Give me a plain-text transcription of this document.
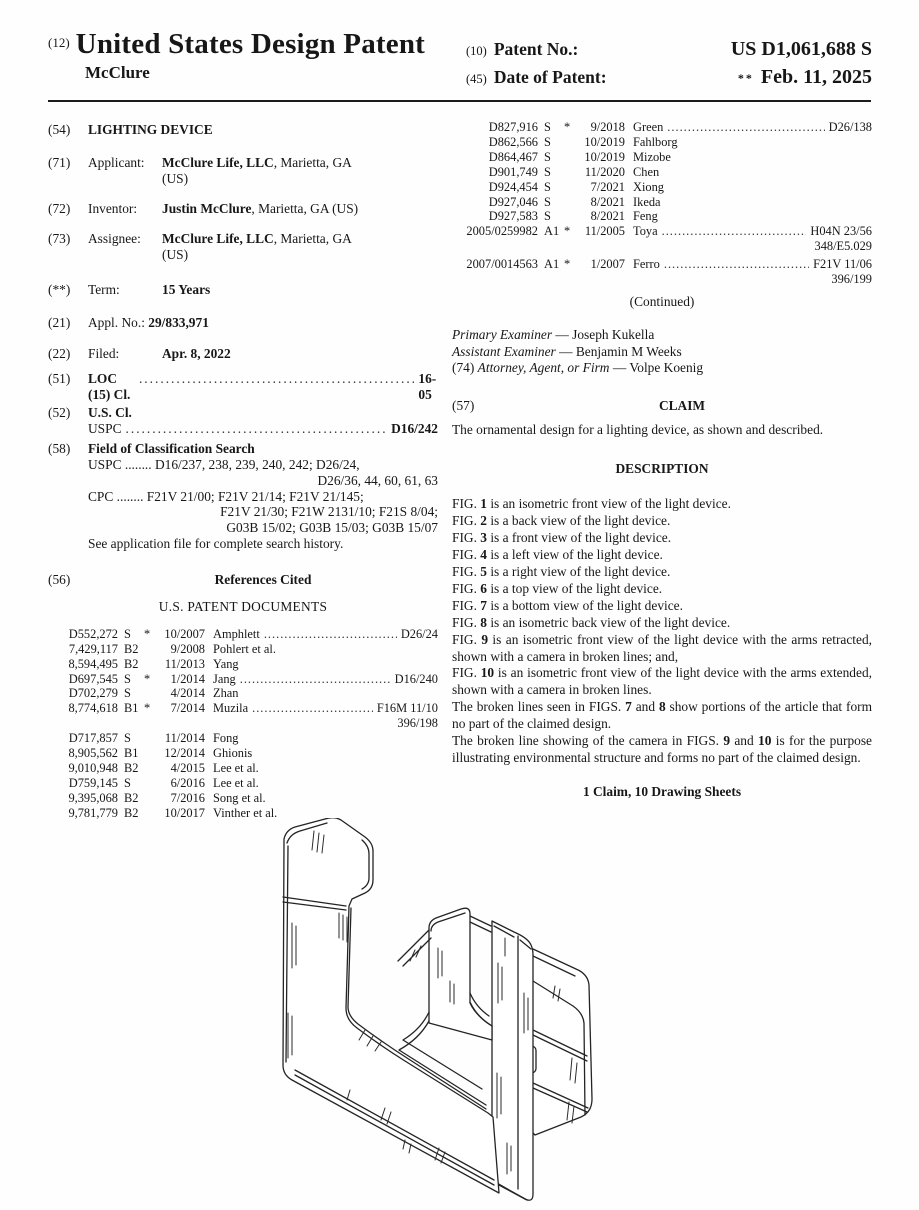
$^{(12)}$ United States Design Patent
McClure
(10) Patent No.:	US D1,061,688 S
(45) Date of Patent:	** Feb. 11, 2025
(54)	LIGHTING DEVICE
(71)	Applicant:	McClure Life, LLC, Marietta, GA
(US)
(72)	Inventor:	Justin McClure, Marietta, GA (US)
(73)	Assignee:	McClure Life, LLC, Marietta, GA
(US)
(**)	Term:	15 Years
(21)	Appl. No.: 29/833,971
(22)	Filed:	Apr. 8, 2022
(51)	LOC (15) Cl.
.....
16-05
(52)	U.S. Cl.
USPC .....	D16/242
(58)	Field of Classification Search
USPC ........ D16/237, 238, 239, 240, 242; D26/24,
D26/36, 44, 60, 61, 63
CPC ........ F21V 21/00; F21V 21/14; F21V 21/145;
F21V 21/30; F21W 2131/10; F21S 8/04;
G03B 15/02; G03B 15/03; G03B 15/07
See application file for complete search history.
(56)	References Cited
U.S. PATENT DOCUMENTS
D552,272 S	*	10/2007 Amphlett .....	D26/24
7,429,117 B2	9/2008 Pohlert et al.
8,594,495 B2	11/2013 Yang
D697,545 S	*	1/2014 Jang .....	D16/240
D702,279 S	4/2014 Zhan
8,774,618 B1 *	7/2014 Muzila .....	F16M 11/10
396/198
D717,857 S	11/2014 Fong
8,905,562 B1	12/2014 Ghionis
9,010,948 B2	4/2015 Lee et al.
D759,145 S	6/2016 Lee et al.
9,395,068 B2	7/2016 Song et al.
9,781,779 B2	10/2017 Vinther et al.
D827,916 S	*	9/2018 Green .....	D26/138
D862,566 S	10/2019 Fahlborg
D864,467 S	10/2019 Mizobe
D901,749 S	11/2020 Chen
D924,454 S	7/2021 Xiong
D927,046 S	8/2021 Ikeda
D927,583 S	8/2021 Feng
2005/0259982 A1 *	11/2005 Toya .....	H04N 23/56
348/E5.029
2007/0014563 A1 *	1/2007 Ferro .....	F21V 11/06
396/199
(Continued)
Primary Examiner — Joseph Kukella
Assistant Examiner — Benjamin M Weeks
(74) Attorney, Agent, or Firm — Volpe Koenig
(57)	CLAIM
The ornamental design for a lighting device, as shown and described.
DESCRIPTION
FIG. 1 is an isometric front view of the light device.
FIG. 2 is a back view of the light device.
FIG. 3 is a front view of the light device.
FIG. 4 is a left view of the light device.
FIG. 5 is a right view of the light device.
FIG. 6 is a top view of the light device.
FIG. 7 is a bottom view of the light device.
FIG. 8 is an isometric back view of the light device.
FIG. 9 is an isometric front view of the light device with the arms retracted, shown with a camera in broken lines; and,
FIG. 10 is an isometric front view of the light device with the arms extended, shown with a camera in broken lines.
The broken lines seen in FIGS. 7 and 8 show portions of the article that form no part of the claimed design.
The broken line showing of the camera in FIGS. 9 and 10 is for the purpose illustrating environmental structure and forms no part of the claimed design.
1 Claim, 10 Drawing Sheets
